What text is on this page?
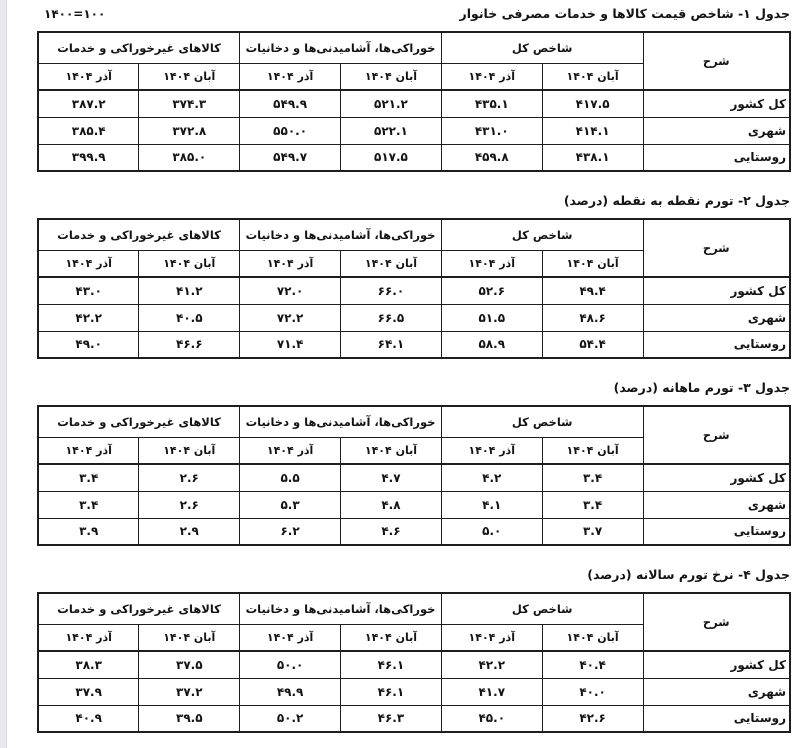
جدول ۱- شاخص قیمت کالاها و خدمات مصرفی خانوار
۱۴۰۰=۱۰۰
شرح	شاخص کل		خوراکی‌ها، آشامیدنی‌ها و دخانیات		کالاهای غیرخوراکی و خدمات	
	آبان ۱۴۰۴	آذر ۱۴۰۴	آبان ۱۴۰۴	آذر ۱۴۰۴	آبان ۱۴۰۴	آذر ۱۴۰۴
کل کشور	۴۱۷.۵	۴۳۵.۱	۵۲۱.۲	۵۴۹.۹	۳۷۴.۳	۳۸۷.۲
شهری	۴۱۴.۱	۴۳۱.۰	۵۲۲.۱	۵۵۰.۰	۳۷۲.۸	۳۸۵.۴
روستایی	۴۳۸.۱	۴۵۹.۸	۵۱۷.۵	۵۴۹.۷	۳۸۵.۰	۳۹۹.۹
جدول ۲- تورم نقطه به نقطه (درصد)
شرح	شاخص کل		خوراکی‌ها، آشامیدنی‌ها و دخانیات		کالاهای غیرخوراکی و خدمات	
	آبان ۱۴۰۴	آذر ۱۴۰۴	آبان ۱۴۰۴	آذر ۱۴۰۴	آبان ۱۴۰۴	آذر ۱۴۰۴
کل کشور	۴۹.۴	۵۲.۶	۶۶.۰	۷۲.۰	۴۱.۲	۴۳.۰
شهری	۴۸.۶	۵۱.۵	۶۶.۵	۷۲.۲	۴۰.۵	۴۲.۲
روستایی	۵۴.۴	۵۸.۹	۶۴.۱	۷۱.۴	۴۶.۶	۴۹.۰
جدول ۳- تورم ماهانه (درصد)
شرح	شاخص کل		خوراکی‌ها، آشامیدنی‌ها و دخانیات		کالاهای غیرخوراکی و خدمات	
	آبان ۱۴۰۴	آذر ۱۴۰۴	آبان ۱۴۰۴	آذر ۱۴۰۴	آبان ۱۴۰۴	آذر ۱۴۰۴
کل کشور	۳.۴	۴.۲	۴.۷	۵.۵	۲.۶	۳.۴
شهری	۳.۴	۴.۱	۴.۸	۵.۳	۲.۶	۳.۴
روستایی	۳.۷	۵.۰	۴.۶	۶.۲	۲.۹	۳.۹
جدول ۴- نرخ تورم سالانه (درصد)
شرح	شاخص کل		خوراکی‌ها، آشامیدنی‌ها و دخانیات		کالاهای غیرخوراکی و خدمات	
	آبان ۱۴۰۴	آذر ۱۴۰۴	آبان ۱۴۰۴	آذر ۱۴۰۴	آبان ۱۴۰۴	آذر ۱۴۰۴
کل کشور	۴۰.۴	۴۲.۲	۴۶.۱	۵۰.۰	۳۷.۵	۳۸.۳
شهری	۴۰.۰	۴۱.۷	۴۶.۱	۴۹.۹	۳۷.۲	۳۷.۹
روستایی	۴۲.۶	۴۵.۰	۴۶.۳	۵۰.۲	۳۹.۵	۴۰.۹
